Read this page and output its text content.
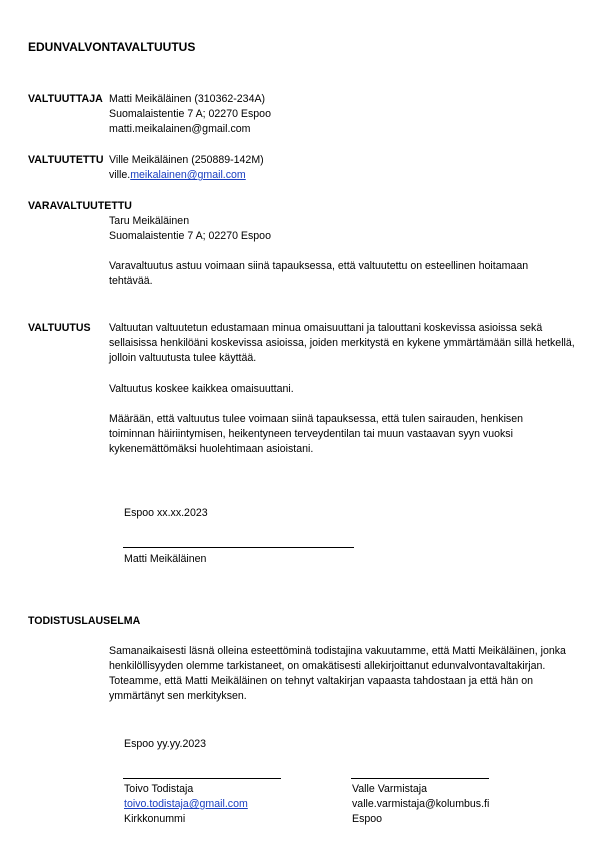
EDUNVALVONTAVALTUUTUS
VALTUUTTAJA Matti Meikäläinen (310362-234A)
Suomalaistentie 7 A; 02270 Espoo
matti.meikalainen@gmail.com
VALTUUTETTU Ville Meikäläinen (250889-142M)
ville.meikalainen@gmail.com
VARAVALTUUTETTU
Taru Meikäläinen
Suomalaistentie 7 A; 02270 Espoo
Varavaltuutus astuu voimaan siinä tapauksessa, että valtuutettu on esteellinen hoitamaan tehtävää.
VALTUUTUS Valtuutan valtuutetun edustamaan minua omaisuuttani ja talouttani koskevissa asioissa sekä sellaisissa henkilöäni koskevissa asioissa, joiden merkitystä en kykene ymmärtämään sillä hetkellä, jolloin valtuutusta tulee käyttää.
Valtuutus koskee kaikkea omaisuuttani.
Määrään, että valtuutus tulee voimaan siinä tapauksessa, että tulen sairauden, henkisen toiminnan häiriintymisen, heikentyneen terveydentilan tai muun vastaavan syyn vuoksi kykenemättömäksi huolehtimaan asioistani.
Espoo xx.xx.2023
Matti Meikäläinen
TODISTUSLAUSELMA
Samanaikaisesti läsnä olleina esteettöminä todistajina vakuutamme, että Matti Meikäläinen, jonka henkilöllisyyden olemme tarkistaneet, on omakätisesti allekirjoittanut edunvalvontavaltakirjan. Toteamme, että Matti Meikäläinen on tehnyt valtakirjan vapaasta tahdostaan ja että hän on ymmärtänyt sen merkityksen.
Espoo yy.yy.2023
Toivo Todistaja
toivo.todistaja@gmail.com
Kirkkonummi
Valle Varmistaja
valle.varmistaja@kolumbus.fi
Espoo
